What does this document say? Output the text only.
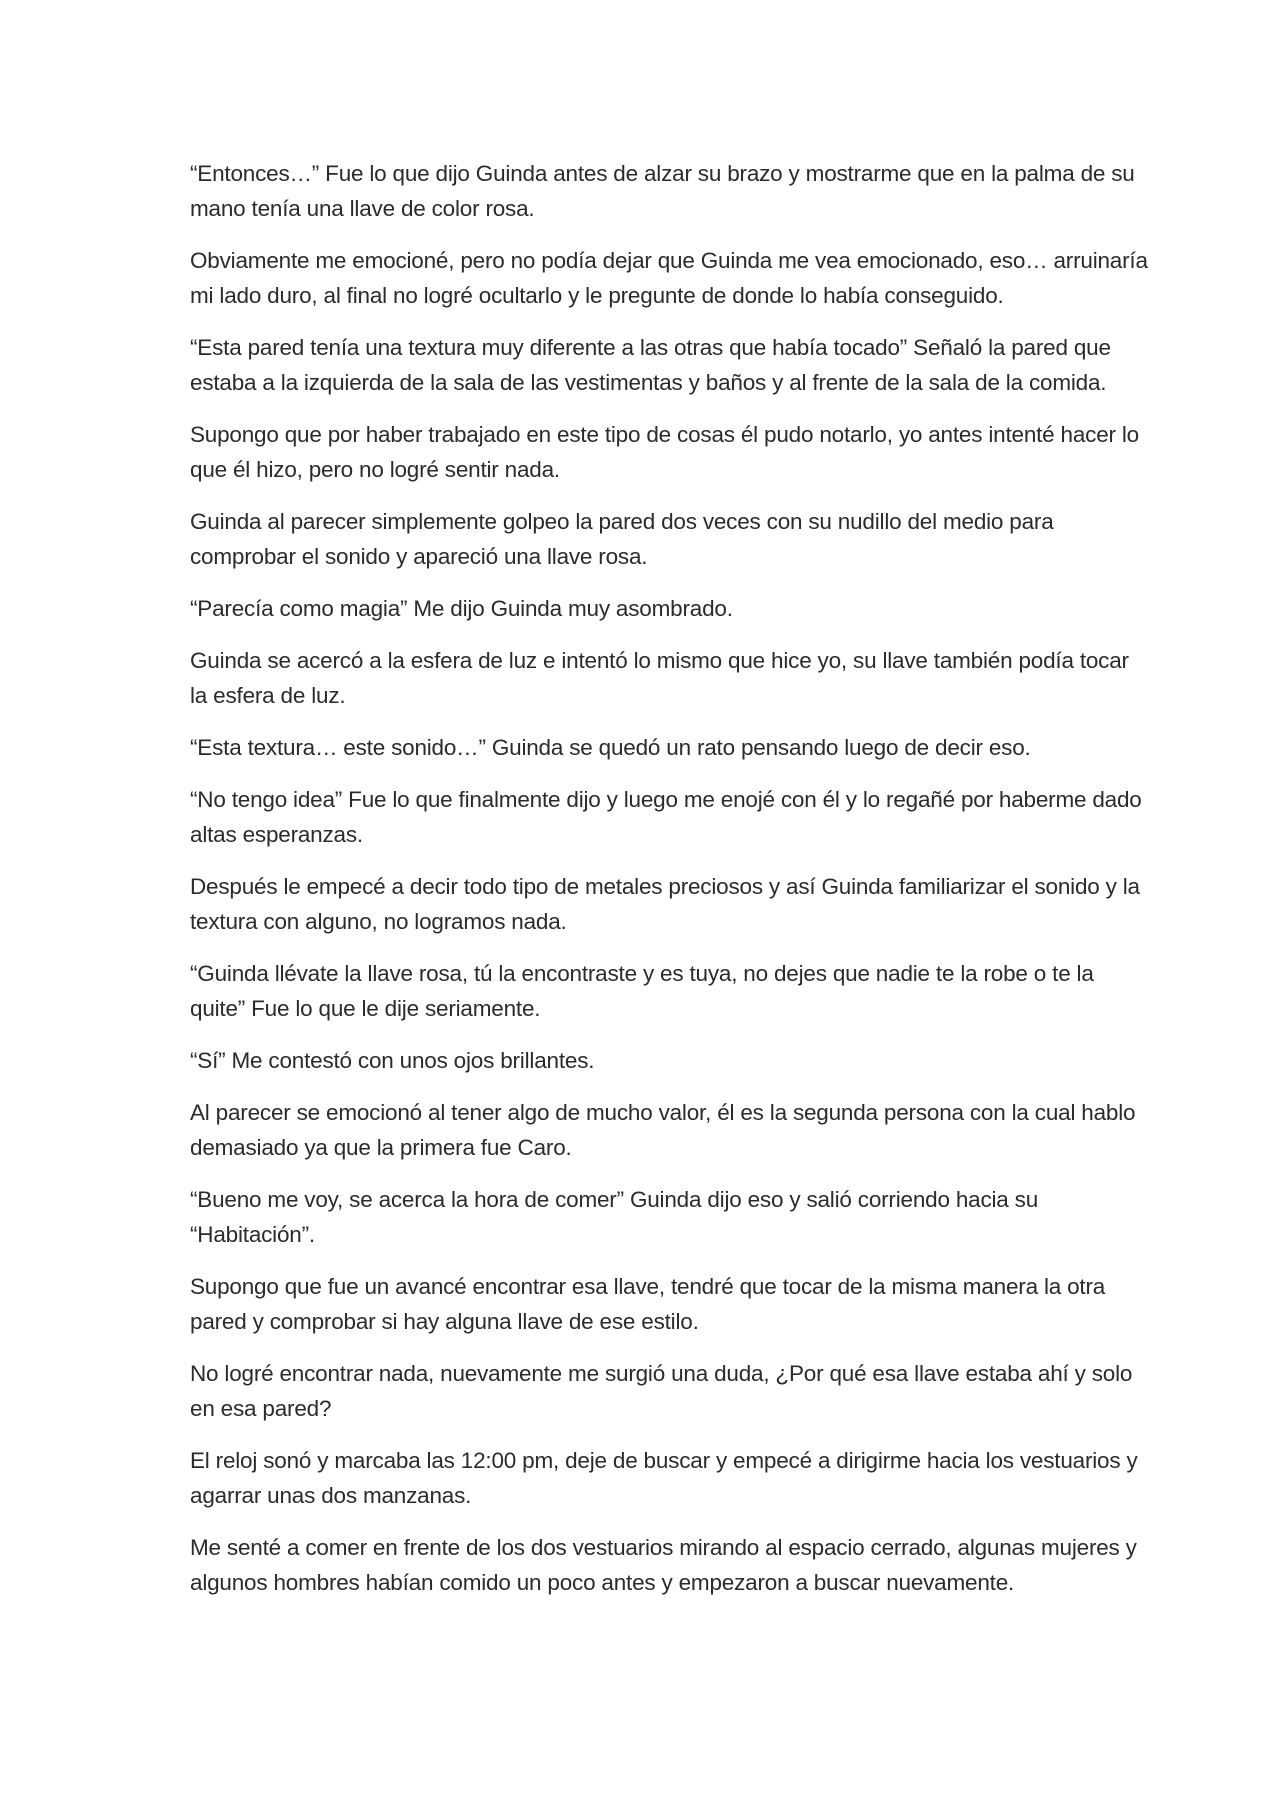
“Entonces…” Fue lo que dijo Guinda antes de alzar su brazo y mostrarme que en la palma de su mano tenía una llave de color rosa.

Obviamente me emocioné, pero no podía dejar que Guinda me vea emocionado, eso… arruinaría mi lado duro, al final no logré ocultarlo y le pregunte de donde lo había conseguido.

“Esta pared tenía una textura muy diferente a las otras que había tocado” Señaló la pared que estaba a la izquierda de la sala de las vestimentas y baños y al frente de la sala de la comida.

Supongo que por haber trabajado en este tipo de cosas él pudo notarlo, yo antes intenté hacer lo que él hizo, pero no logré sentir nada.

Guinda al parecer simplemente golpeo la pared dos veces con su nudillo del medio para comprobar el sonido y apareció una llave rosa.

“Parecía como magia” Me dijo Guinda muy asombrado.

Guinda se acercó a la esfera de luz e intentó lo mismo que hice yo, su llave también podía tocar la esfera de luz.

“Esta textura… este sonido…” Guinda se quedó un rato pensando luego de decir eso.

“No tengo idea” Fue lo que finalmente dijo y luego me enojé con él y lo regañé por haberme dado altas esperanzas.

Después le empecé a decir todo tipo de metales preciosos y así Guinda familiarizar el sonido y la textura con alguno, no logramos nada.

“Guinda llévate la llave rosa, tú la encontraste y es tuya, no dejes que nadie te la robe o te la quite” Fue lo que le dije seriamente.

“Sí” Me contestó con unos ojos brillantes.

Al parecer se emocionó al tener algo de mucho valor, él es la segunda persona con la cual hablo demasiado ya que la primera fue Caro.

“Bueno me voy, se acerca la hora de comer” Guinda dijo eso y salió corriendo hacia su “Habitación”.

Supongo que fue un avancé encontrar esa llave, tendré que tocar de la misma manera la otra pared y comprobar si hay alguna llave de ese estilo.

No logré encontrar nada, nuevamente me surgió una duda, ¿Por qué esa llave estaba ahí y solo en esa pared?

El reloj sonó y marcaba las 12:00 pm, deje de buscar y empecé a dirigirme hacia los vestuarios y agarrar unas dos manzanas.

Me senté a comer en frente de los dos vestuarios mirando al espacio cerrado, algunas mujeres y algunos hombres habían comido un poco antes y empezaron a buscar nuevamente.
